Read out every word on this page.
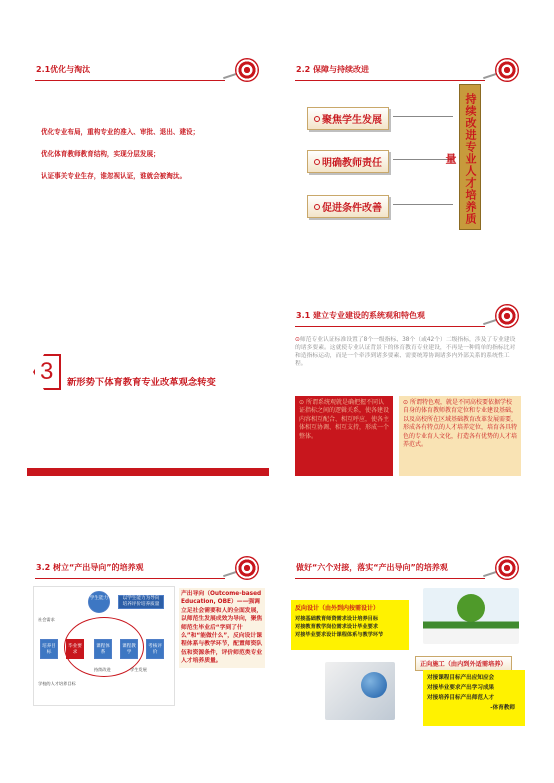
2.1优化与淘汰
优化专业布局，重构专业的准入、审批、退出、建设；
优化体育教师教育结构，实现分层发展；
认证事关专业生存，谁忽视认证，谁就会被淘汰。
2.2 保障与持续改进
聚焦学生发展
明确教师责任
促进条件改善	持续改进专业人才培养质量
3 新形势下体育教育专业改革观念转变
3.1 建立专业建设的系统观和特色观
⊙师范专业认证标准设置了8个一级指标、38个（或42个）二级指标，涉及了专业建设的诸多要素。这就使专业认证背景下的体育教育专业建设，不再是一种简单的指标比对和造指标运动，而是一个牵涉到诸多要素、需要统筹协调诸多内外部关系的系统性工程。
⊙ 所谓系统观就是确把握不同认证指标之间的逻辑关系，使各建设内容相互配合、相互呼应，使各主体相互协调、相互支持，形成一个整体。
⊙ 所谓特色观，就是不同高校要依据学校自身的体育教师教育定位和专业建设基础，以及高校所在区域基础教育改革发展需要，形成各有特点的人才培养定位，培育各具特色的专业育人文化，打造各有优势的人才培养范式。
3.2 树立“产出导向”的培养观
学生能力	以学生能力为导向
培养评价培养质量
培养目标
毕业要求
课程体系
课程教学
考核评价
社会需求
学校的人才培养目标
持续改进	学生发展
产出导向（Outcome-based Education, OBE）——强调立足社会需要和人的全面发展，以师范生发展成效为导向，聚焦师范生毕业后“学到了什么”和“能做什么”，反向设计课程体系与教学环节，配置师资队伍和资源条件，评价师范类专业人才培养质量。
做好“六个对接，落实“产出导向”的培养观
反向设计（由外到内按需设计）
对接基础教育师资需求设计培养目标
对接教育教学岗位需求设计毕业要求
对接毕业要求设计课程体系与教学环节
正向施工（由内到外适需培养）
对接课程目标产出应知应会
对接毕业要求产出学习成果
对接培养目标产出师范人才
-体育教师
